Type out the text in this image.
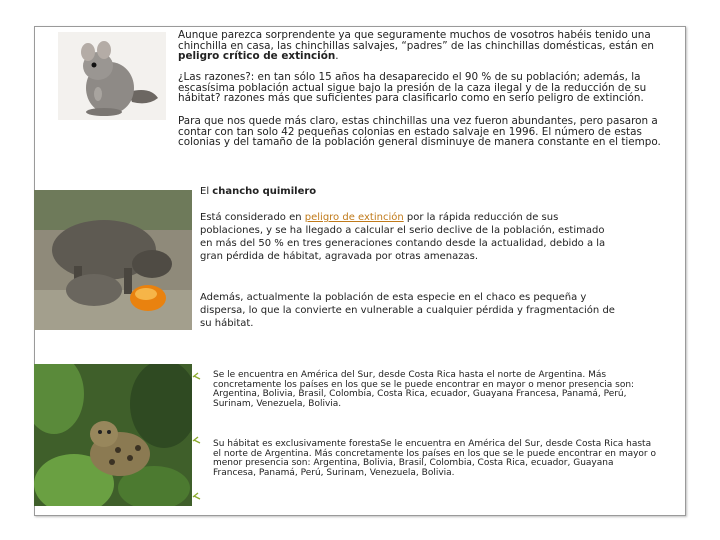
Aunque parezca sorprendente ya que seguramente muchos de vosotros habéis tenido una chinchilla en casa, las chinchillas salvajes, “padres” de las chinchillas domésticas, están en peligro crítico de extinción.
¿Las razones?: en tan sólo 15 años ha desaparecido el 90 % de su población; además, la escasísima población actual sigue bajo la presión de la caza ilegal y de la reducción de su hábitat? razones más que suficientes para clasificarlo como en serio peligro de extinción.
Para que nos quede más claro, estas chinchillas una vez fueron abundantes, pero pasaron a contar con tan solo 42 pequeñas colonias en estado salvaje en 1996. El número de estas colonias y del tamaño de la población general disminuye de manera constante en el tiempo.
El chancho quimilero
Está considerado en peligro de extinción por la rápida reducción de sus poblaciones, y se ha llegado a calcular el serio declive de la población, estimado en más del 50 % en tres generaciones contando desde la actualidad, debido a la gran pérdida de hábitat, agravada por otras amenazas.
Además, actualmente la población de esta especie en el chaco es pequeña y dispersa, lo que la convierte en vulnerable a cualquier pérdida y fragmentación de su hábitat.
Se le encuentra en América del Sur, desde Costa Rica hasta el norte de Argentina. Más concretamente los países en los que se le puede encontrar en mayor o menor presencia son: Argentina, Bolivia, Brasil, Colombia, Costa Rica, ecuador, Guayana Francesa, Panamá, Perú, Surinam, Venezuela, Bolivia.
Su hábitat es exclusivamente forestaSe le encuentra en América del Sur, desde Costa Rica hasta el norte de Argentina. Más concretamente los países en los que se le puede encontrar en mayor o menor presencia son: Argentina, Bolivia, Brasil, Colombia, Costa Rica, ecuador, Guayana Francesa, Panamá, Perú, Surinam, Venezuela, Bolivia.
